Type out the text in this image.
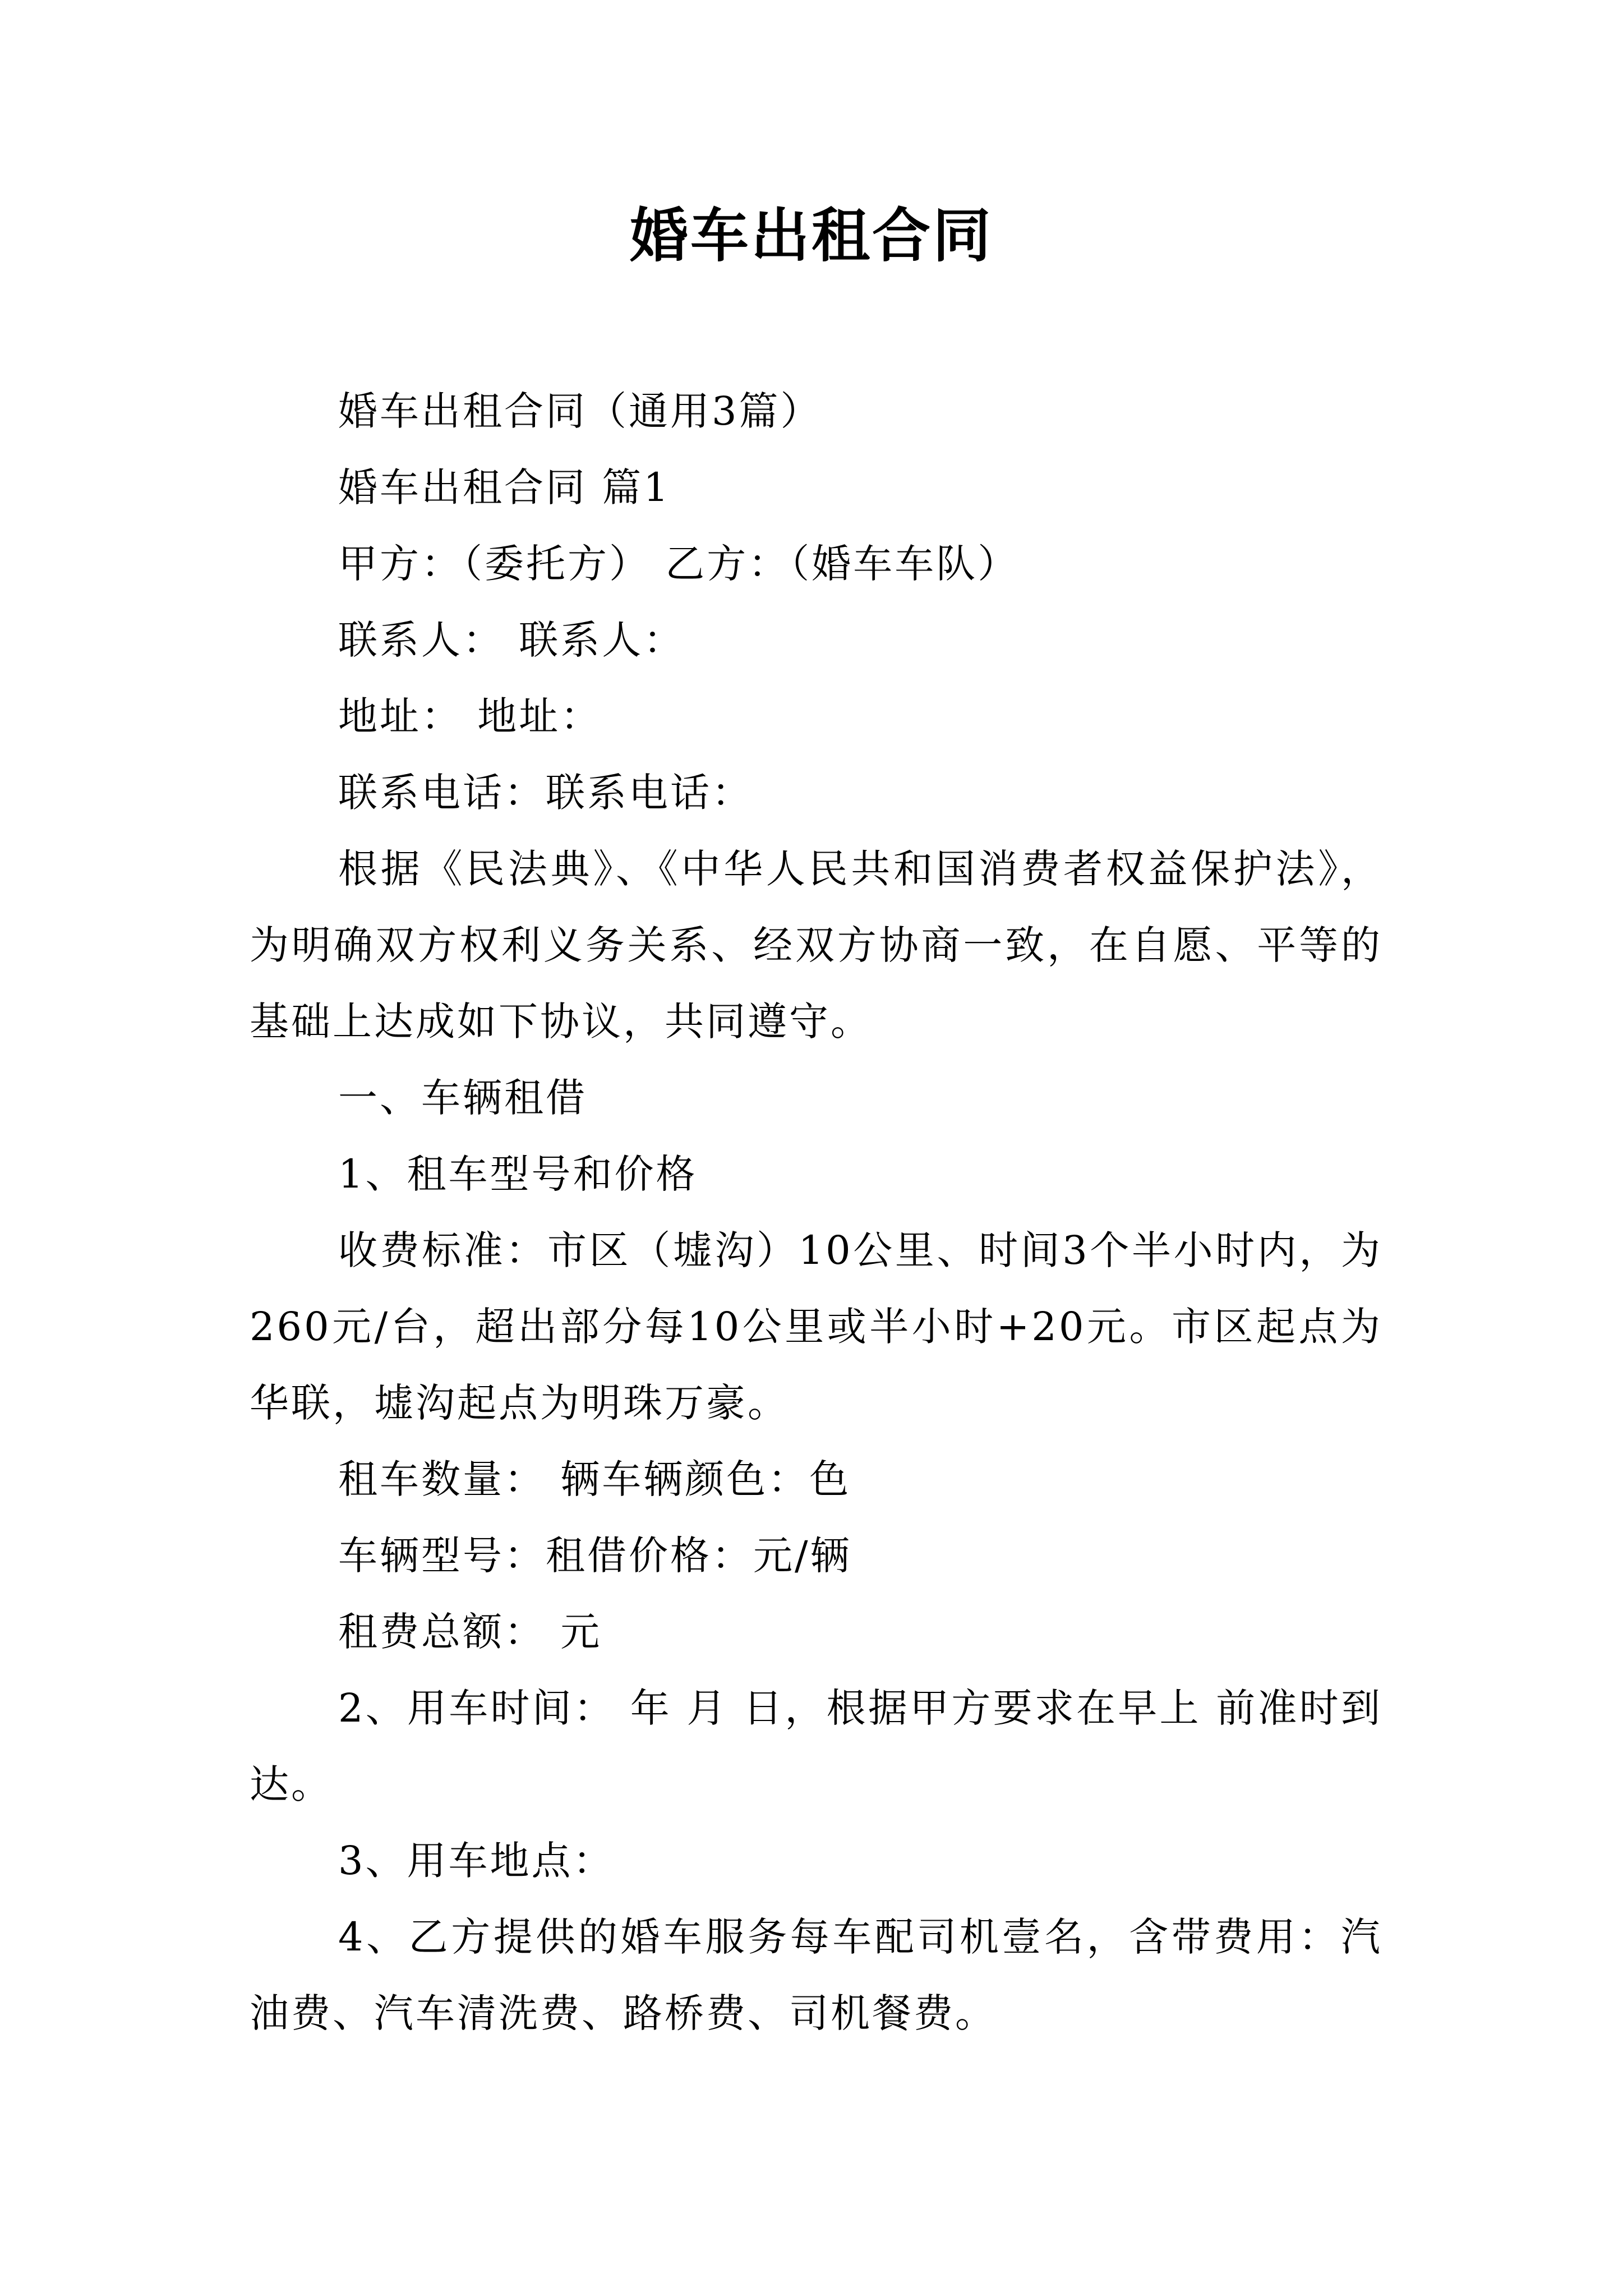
婚车出租合同

婚车出租合同（通用3篇）

婚车出租合同 篇1

甲方：（委托方） 乙方：（婚车车队）

联系人： 联系人：

地址： 地址：

联系电话：联系电话：

根据《民法典》、《中华人民共和国消费者权益保护法》，为明确双方权利义务关系、经双方协商一致，在自愿、平等的基础上达成如下协议，共同遵守。

一、车辆租借

1、租车型号和价格

收费标准：市区（墟沟）10公里、时间3个半小时内，为260元/台，超出部分每10公里或半小时+20元。市区起点为华联，墟沟起点为明珠万豪。

租车数量： 辆车辆颜色：色

车辆型号：租借价格：元/辆

租费总额： 元

2、用车时间： 年 月 日，根据甲方要求在早上 前准时到达。

3、用车地点：

4、乙方提供的婚车服务每车配司机壹名，含带费用：汽油费、汽车清洗费、路桥费、司机餐费。
